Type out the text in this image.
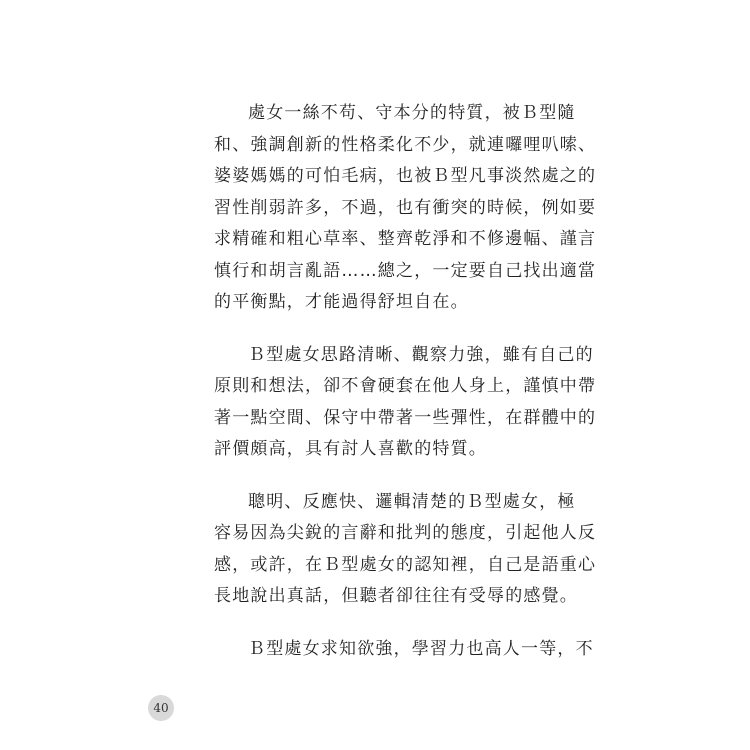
處女一絲不苟、守本分的特質，被Ｂ型隨
和、強調創新的性格柔化不少，就連囉哩叭嗦、
婆婆媽媽的可怕毛病，也被Ｂ型凡事淡然處之的
習性削弱許多，不過，也有衝突的時候，例如要
求精確和粗心草率、整齊乾淨和不修邊幅、謹言
慎行和胡言亂語……總之，一定要自己找出適當
的平衡點，才能過得舒坦自在。

Ｂ型處女思路清晰、觀察力強，雖有自己的
原則和想法，卻不會硬套在他人身上，謹慎中帶
著一點空間、保守中帶著一些彈性，在群體中的
評價頗高，具有討人喜歡的特質。

聰明、反應快、邏輯清楚的Ｂ型處女，極
容易因為尖銳的言辭和批判的態度，引起他人反
感，或許，在Ｂ型處女的認知裡，自己是語重心
長地說出真話，但聽者卻往往有受辱的感覺。

Ｂ型處女求知欲強，學習力也高人一等，不

40
